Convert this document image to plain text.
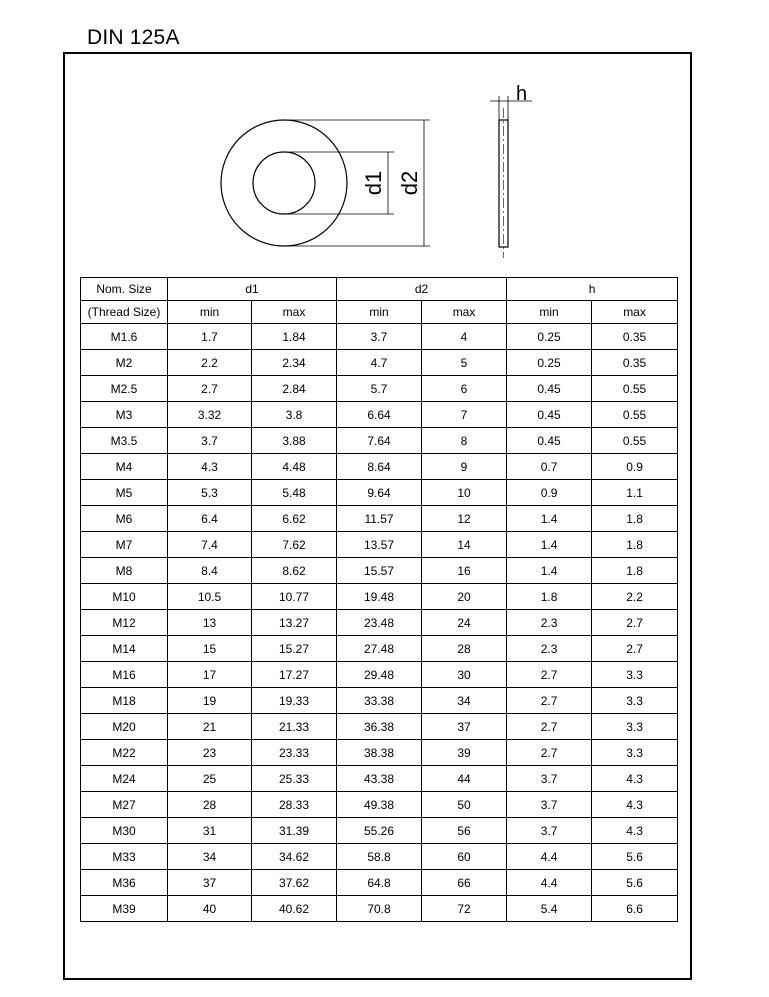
DIN 125A
d1 d2
h
Nom. Size	d1		d2		h	
(Thread Size)	min	max	min	max	min	max
M1.6	1.7	1.84	3.7	4	0.25	0.35
M2	2.2	2.34	4.7	5	0.25	0.35
M2.5	2.7	2.84	5.7	6	0.45	0.55
M3	3.32	3.8	6.64	7	0.45	0.55
M3.5	3.7	3.88	7.64	8	0.45	0.55
M4	4.3	4.48	8.64	9	0.7	0.9
M5	5.3	5.48	9.64	10	0.9	1.1
M6	6.4	6.62	11.57	12	1.4	1.8
M7	7.4	7.62	13.57	14	1.4	1.8
M8	8.4	8.62	15.57	16	1.4	1.8
M10	10.5	10.77	19.48	20	1.8	2.2
M12	13	13.27	23.48	24	2.3	2.7
M14	15	15.27	27.48	28	2.3	2.7
M16	17	17.27	29.48	30	2.7	3.3
M18	19	19.33	33.38	34	2.7	3.3
M20	21	21.33	36.38	37	2.7	3.3
M22	23	23.33	38.38	39	2.7	3.3
M24	25	25.33	43.38	44	3.7	4.3
M27	28	28.33	49.38	50	3.7	4.3
M30	31	31.39	55.26	56	3.7	4.3
M33	34	34.62	58.8	60	4.4	5.6
M36	37	37.62	64.8	66	4.4	5.6
M39	40	40.62	70.8	72	5.4	6.6
